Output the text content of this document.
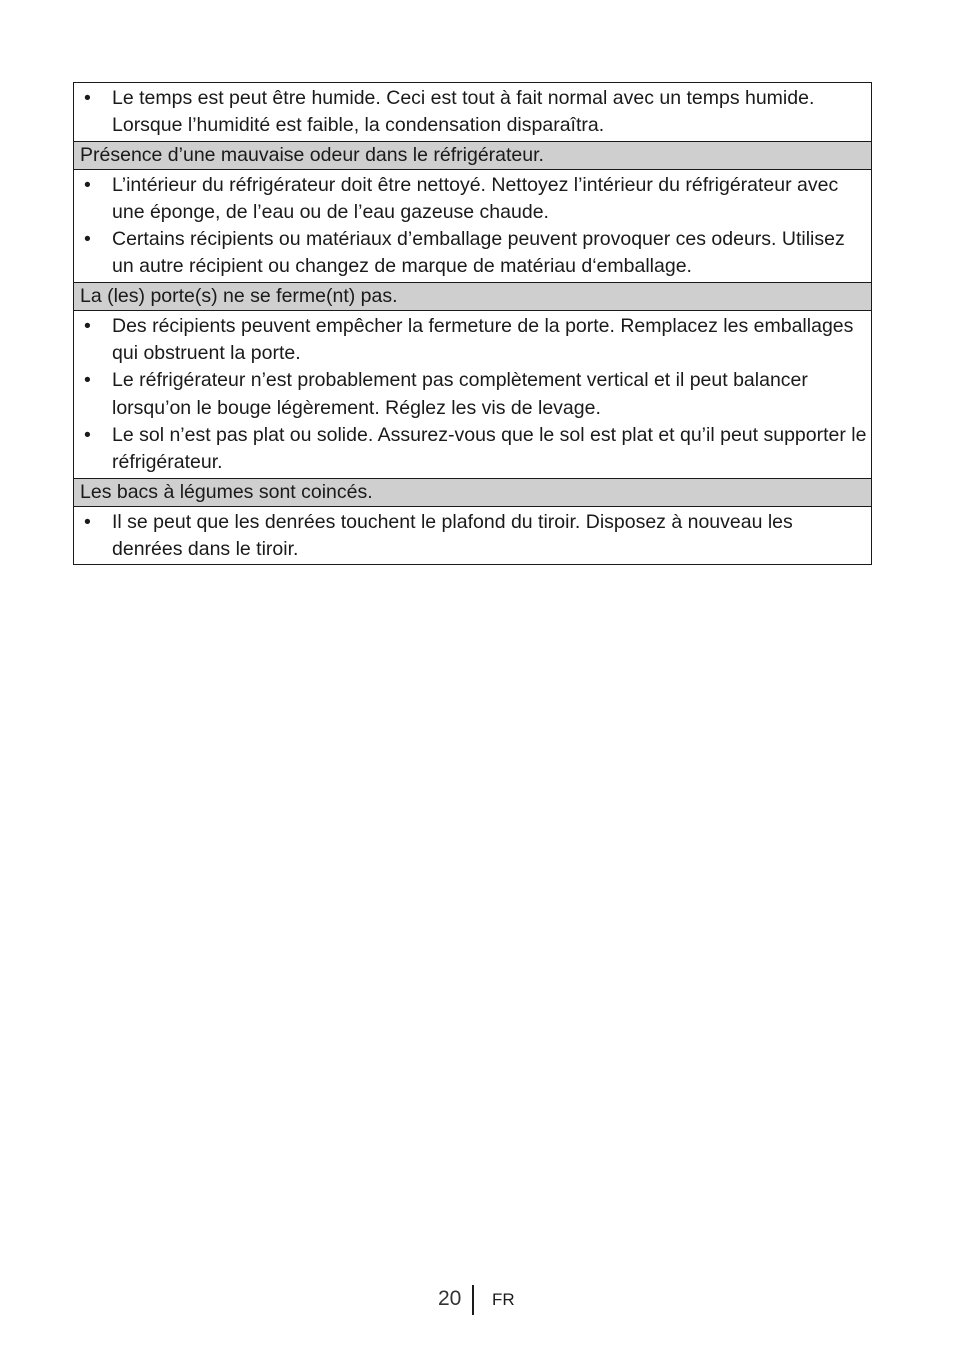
•	Le temps est peut être humide. Ceci est tout à fait normal avec un temps humide. Lorsque l’humidité est faible, la condensation disparaîtra.
Présence d’une mauvaise odeur dans le réfrigérateur.
•	L’intérieur du réfrigérateur doit être nettoyé. Nettoyez l’intérieur du réfrigérateur avec une éponge, de l’eau ou de l’eau gazeuse chaude.
•	Certains récipients ou matériaux d’emballage peuvent provoquer ces odeurs. Utilisez un autre récipient ou changez de marque de matériau d‘emballage.
La (les) porte(s) ne se ferme(nt) pas.
•	Des récipients peuvent empêcher la fermeture de la porte. Remplacez les emballages qui obstruent la porte.
•	Le réfrigérateur n’est probablement pas complètement vertical et il peut balancer lorsqu’on le bouge légèrement. Réglez les vis de levage.
•	Le sol n’est pas plat ou solide. Assurez-vous que le sol est plat et qu’il peut supporter le réfrigérateur.
Les bacs à légumes sont coincés.
•	Il se peut que les denrées touchent le plafond du tiroir. Disposez à nouveau les denrées dans le tiroir.
20 FR
